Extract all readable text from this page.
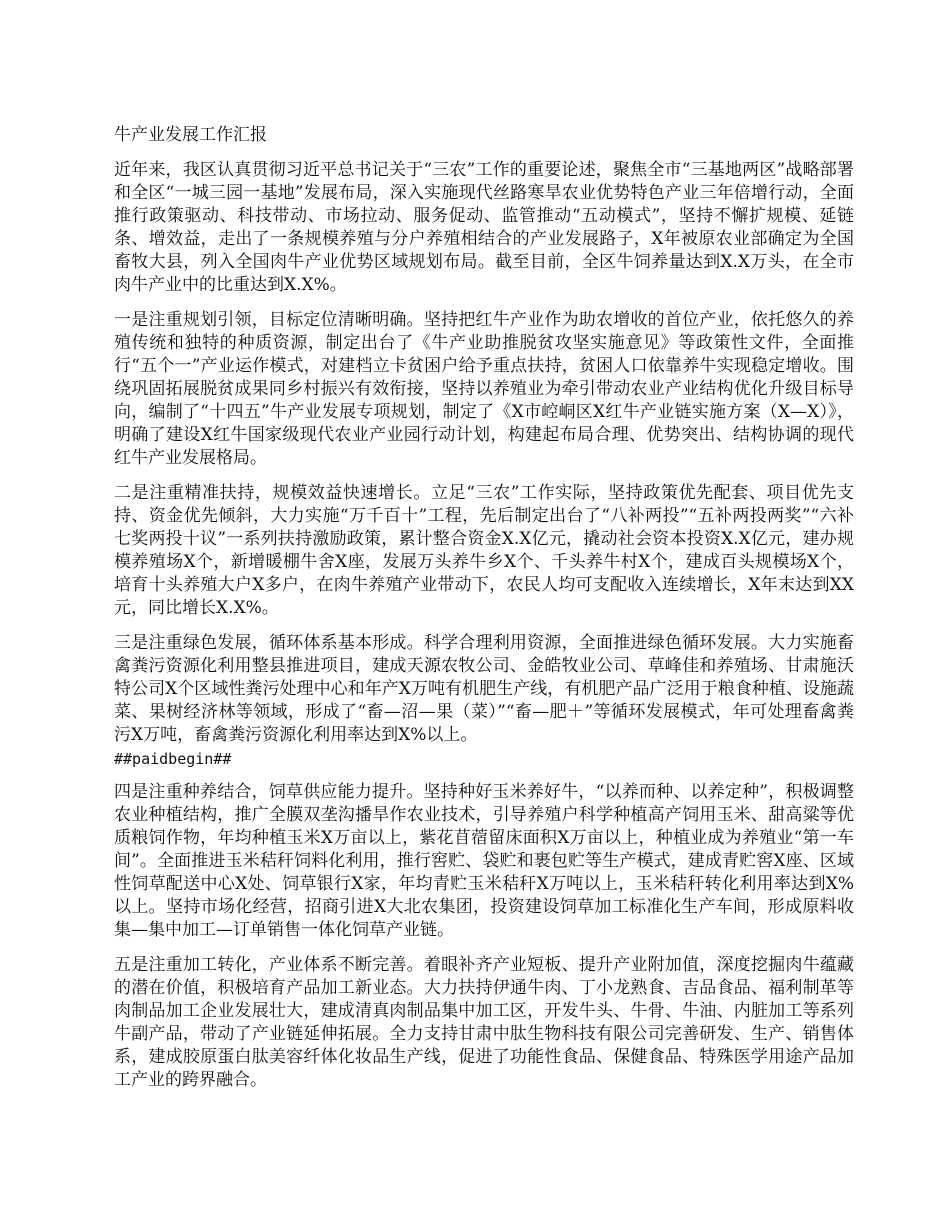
牛产业发展工作汇报
近年来，我区认真贯彻习近平总书记关于“三农”工作的重要论述，聚焦全市“三基地两区”战略部署和全区“一城三园一基地”发展布局，深入实施现代丝路寒旱农业优势特色产业三年倍增行动，全面推行政策驱动、科技带动、市场拉动、服务促动、监管推动“五动模式”，坚持不懈扩规模、延链条、增效益，走出了一条规模养殖与分户养殖相结合的产业发展路子，X年被原农业部确定为全国畜牧大县，列入全国肉牛产业优势区域规划布局。截至目前，全区牛饲养量达到X.X万头，在全市肉牛产业中的比重达到X.X%。
一是注重规划引领，目标定位清晰明确。坚持把红牛产业作为助农增收的首位产业，依托悠久的养殖传统和独特的种质资源，制定出台了《牛产业助推脱贫攻坚实施意见》等政策性文件，全面推行“五个一”产业运作模式，对建档立卡贫困户给予重点扶持，贫困人口依靠养牛实现稳定增收。围绕巩固拓展脱贫成果同乡村振兴有效衔接，坚持以养殖业为牵引带动农业产业结构优化升级目标导向，编制了“十四五”牛产业发展专项规划，制定了《X市崆峒区X红牛产业链实施方案（X—X）》，明确了建设X红牛国家级现代农业产业园行动计划，构建起布局合理、优势突出、结构协调的现代红牛产业发展格局。
二是注重精准扶持，规模效益快速增长。立足“三农”工作实际，坚持政策优先配套、项目优先支持、资金优先倾斜，大力实施“万千百十”工程，先后制定出台了“八补两投”“五补两投两奖”“六补七奖两投十议”一系列扶持激励政策，累计整合资金X.X亿元，撬动社会资本投资X.X亿元，建办规模养殖场X个，新增暖棚牛舍X座，发展万头养牛乡X个、千头养牛村X个，建成百头规模场X个，培育十头养殖大户X多户，在肉牛养殖产业带动下，农民人均可支配收入连续增长，X年末达到XX元，同比增长X.X%。
三是注重绿色发展，循环体系基本形成。科学合理利用资源，全面推进绿色循环发展。大力实施畜禽粪污资源化利用整县推进项目，建成天源农牧公司、金皓牧业公司、草峰佳和养殖场、甘肃施沃特公司X个区域性粪污处理中心和年产X万吨有机肥生产线，有机肥产品广泛用于粮食种植、设施蔬菜、果树经济林等领域，形成了“畜—沼—果（菜）”“畜—肥＋”等循环发展模式，年可处理畜禽粪污X万吨，畜禽粪污资源化利用率达到X%以上。
##paidbegin##
四是注重种养结合，饲草供应能力提升。坚持种好玉米养好牛，“以养而种、以养定种”，积极调整农业种植结构，推广全膜双垄沟播旱作农业技术，引导养殖户科学种植高产饲用玉米、甜高粱等优质粮饲作物，年均种植玉米X万亩以上，紫花苜蓿留床面积X万亩以上，种植业成为养殖业“第一车间”。全面推进玉米秸秆饲料化利用，推行窖贮、袋贮和裹包贮等生产模式，建成青贮窖X座、区域性饲草配送中心X处、饲草银行X家，年均青贮玉米秸秆X万吨以上，玉米秸秆转化利用率达到X%以上。坚持市场化经营，招商引进X大北农集团，投资建设饲草加工标准化生产车间，形成原料收集—集中加工—订单销售一体化饲草产业链。
五是注重加工转化，产业体系不断完善。着眼补齐产业短板、提升产业附加值，深度挖掘肉牛蕴藏的潜在价值，积极培育产品加工新业态。大力扶持伊通牛肉、丁小龙熟食、吉品食品、福利制革等肉制品加工企业发展壮大，建成清真肉制品集中加工区，开发牛头、牛骨、牛油、内脏加工等系列牛副产品，带动了产业链延伸拓展。全力支持甘肃中肽生物科技有限公司完善研发、生产、销售体系，建成胶原蛋白肽美容纤体化妆品生产线，促进了功能性食品、保健食品、特殊医学用途产品加工产业的跨界融合。
